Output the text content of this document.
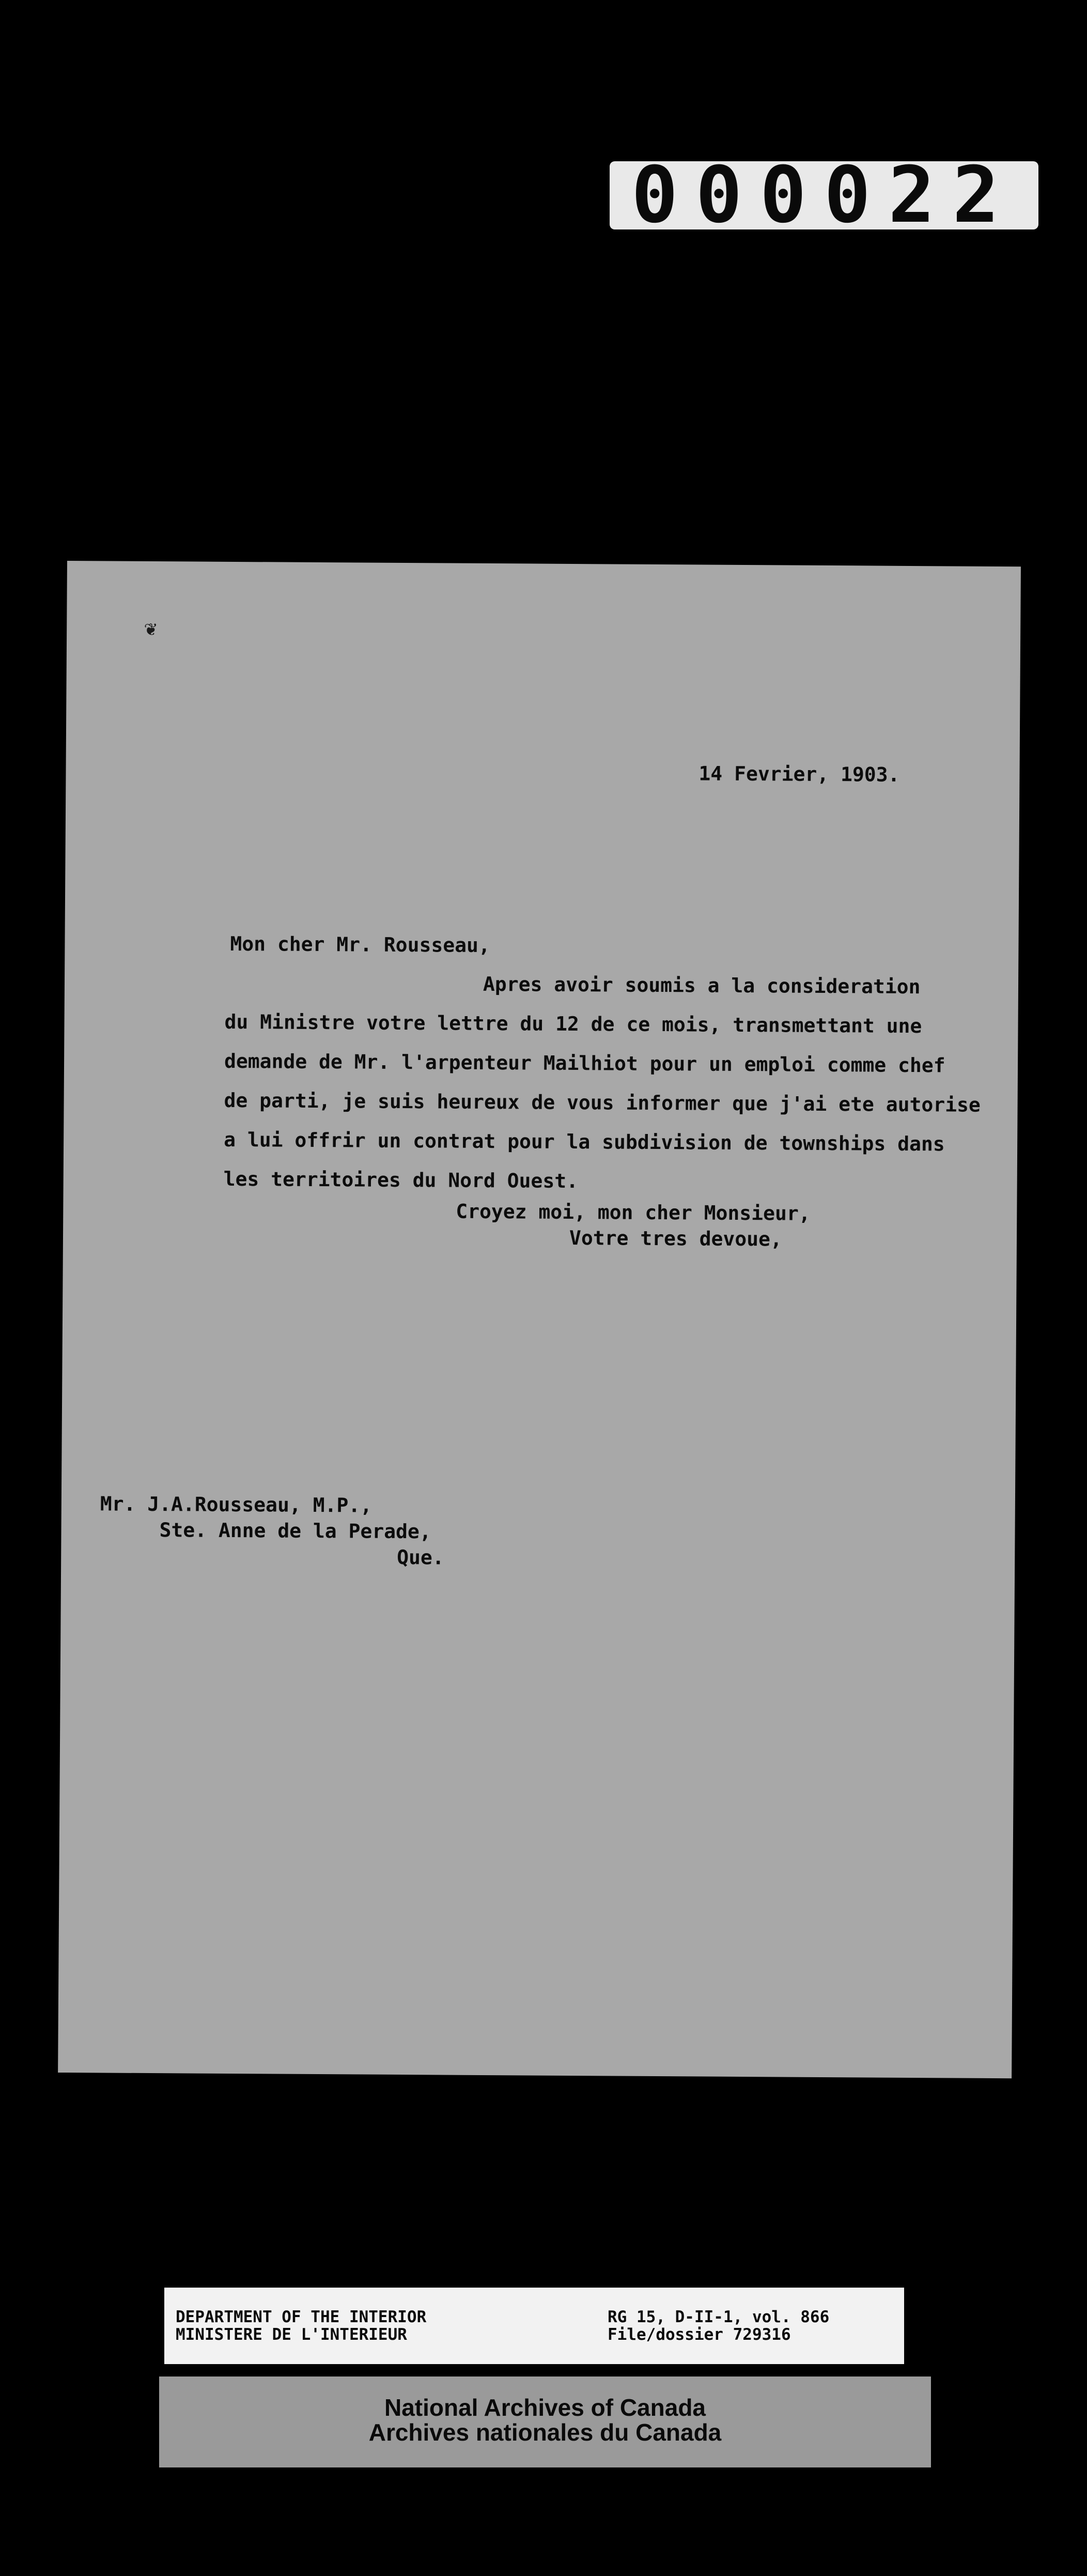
000022
❦
14 Fevrier, 1903.
Mon cher Mr. Rousseau,
Apres avoir soumis a la consideration
du Ministre votre lettre du 12 de ce mois, transmettant une
demande de Mr. l'arpenteur Mailhiot pour un emploi comme chef
de parti, je suis heureux de vous informer que j'ai ete autorise
a lui offrir un contrat pour la subdivision de townships dans
les territoires du Nord Ouest.
Croyez moi, mon cher Monsieur,
Votre tres devoue,
Mr. J.A.Rousseau, M.P.,
Ste. Anne de la Perade,
Que.
DEPARTMENT OF THE INTERIOR
MINISTERE DE L'INTERIEUR
RG 15, D-II-1, vol. 866
File/dossier 729316
National Archives of Canada
Archives nationales du Canada
